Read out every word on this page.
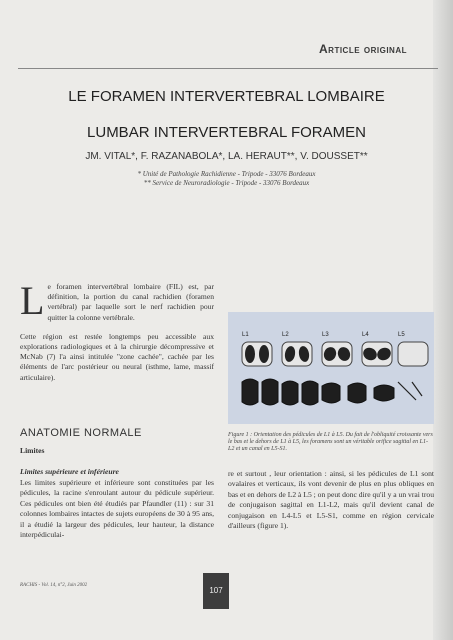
Article original
LE FORAMEN INTERVERTEBRAL LOMBAIRE
LUMBAR INTERVERTEBRAL FORAMEN
JM. VITAL*, F. RAZANABOLA*, LA. HERAUT**, V. DOUSSET**
* Unité de Pathologie Rachidienne - Tripode - 33076 Bordeaux
** Service de Neuroradiologie - Tripode - 33076 Bordeaux

Le foramen intervertébral lombaire (FIL) est, par définition, la portion du canal rachidien (foramen vertébral) par laquelle sort le nerf rachidien pour quitter la colonne vertébrale.

Cette région est restée longtemps peu accessible aux explorations radiologiques et à la chirurgie décompressive et McNab (7) l'a ainsi intitulée "zone cachée", cachée par les éléments de l'arc postérieur ou neural (isthme, lame, massif articulaire).

ANATOMIE NORMALE
Limites
Limites supérieure et inférieure
Les limites supérieure et inférieure sont constituées par les pédicules, la racine s'enroulant autour du pédicule supérieur. Ces pédicules ont bien été étudiés par Pfaundler (11) : sur 31 colonnes lombaires intactes de sujets européens de 30 à 95 ans, il a étudié la largeur des pédicules, leur hauteur, la distance interpédiculai-
L1	L2	L3	L4	L5
Figure 1 : Orientation des pédicules de L1 à L5. Du fait de l'obliquité croissante vers le bas et le dehors de L1 à L5, les foramens sont un véritable orifice sagittal en L1-L2 et un canal en L5-S1.
re et surtout , leur orientation : ainsi, si les pédicules de L1 sont ovalaires et verticaux, ils vont devenir de plus en plus obliques en bas et en dehors de L2 à L5 ; on peut donc dire qu'il y a un vrai trou de conjugaison sagittal en L1-L2, mais qu'il devient canal de conjugaison en L4-L5 et L5-S1, comme en région cervicale d'ailleurs (figure 1).
RACHIS - Vol. 14, n°2, Juin 2002
107
